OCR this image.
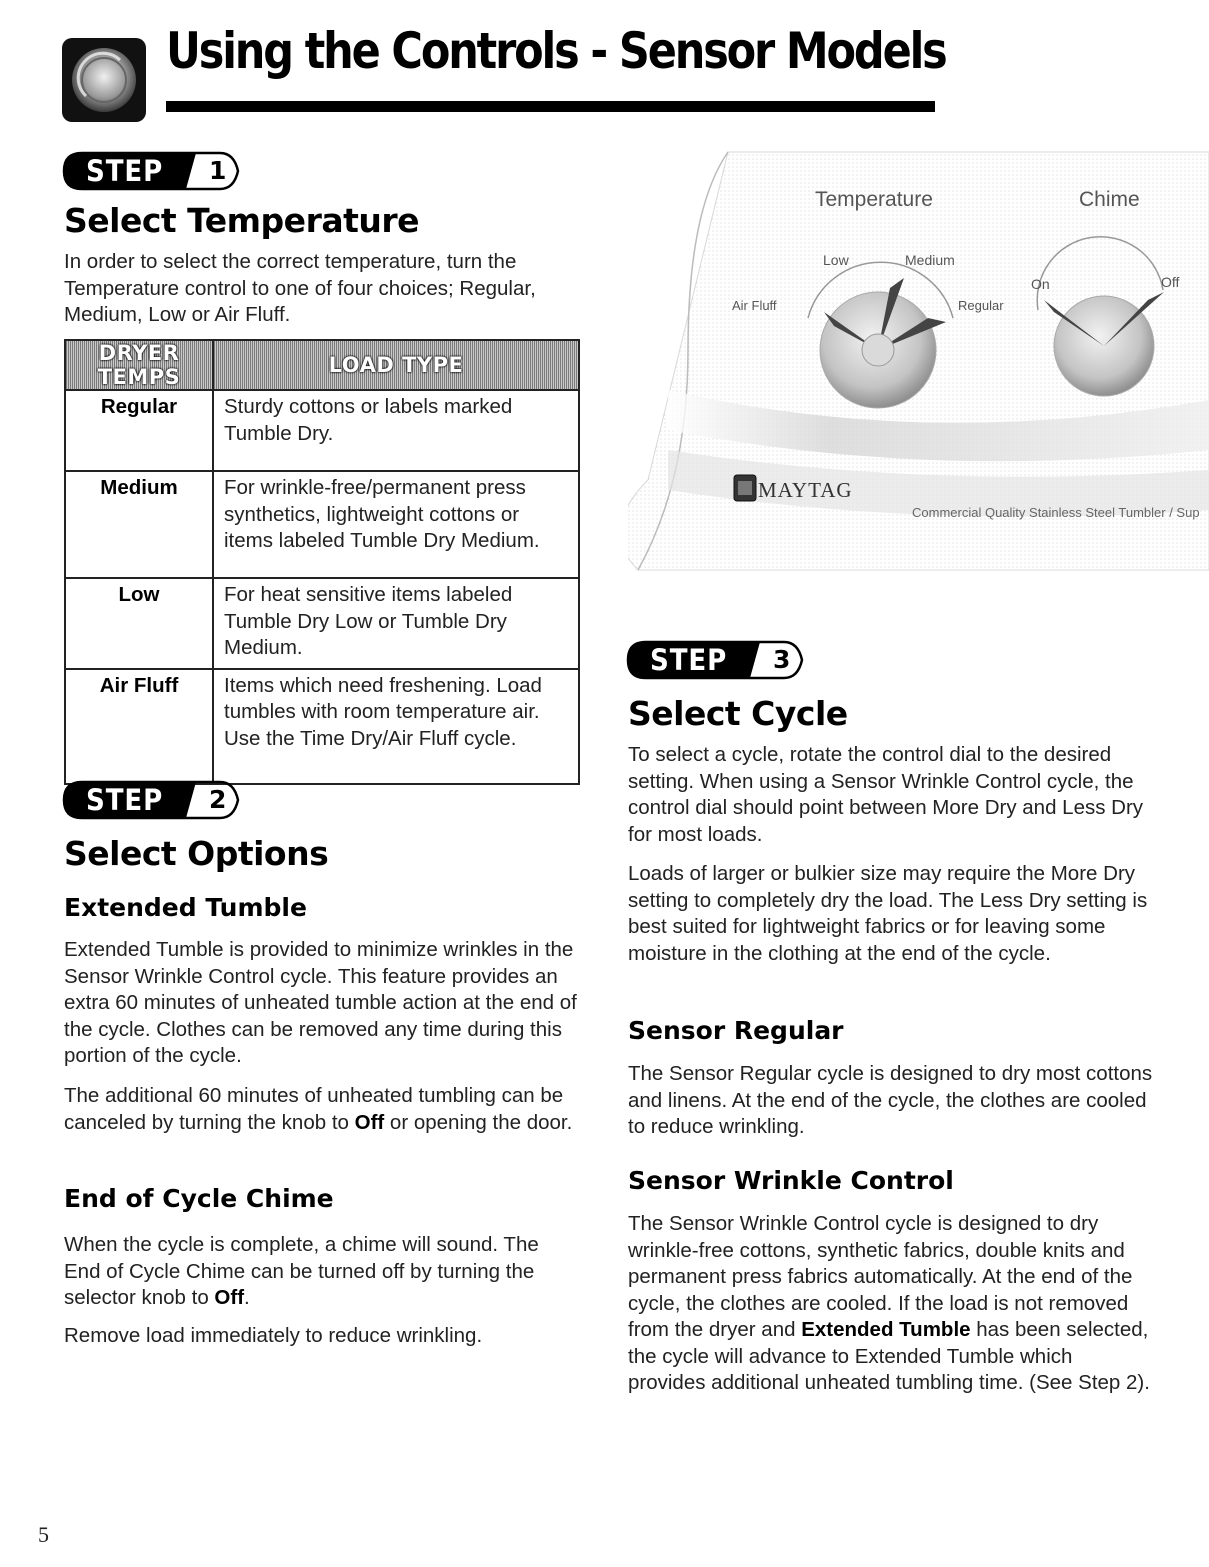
Using the Controls - Sensor Models
STEP 1
Select Temperature

In order to select the correct temperature, turn the Temperature control to one of four choices; Regular, Medium, Low or Air Fluff.

DRYER TEMPS	LOAD TYPE
Regular	Sturdy cottons or labels marked Tumble Dry.
Medium	For wrinkle-free/permanent press synthetics, lightweight cottons or items labeled Tumble Dry Medium.
Low	For heat sensitive items labeled Tumble Dry Low or Tumble Dry Medium.
Air Fluff	Items which need freshening. Load tumbles with room temperature air. Use the Time Dry/Air Fluff cycle.
STEP 2
Select Options
Extended Tumble

Extended Tumble is provided to minimize wrinkles in the Sensor Wrinkle Control cycle. This feature provides an extra 60 minutes of unheated tumble action at the end of the cycle. Clothes can be removed any time during this portion of the cycle.

The additional 60 minutes of unheated tumbling can be canceled by turning the knob to Off or opening the door.

End of Cycle Chime

When the cycle is complete, a chime will sound. The End of Cycle Chime can be turned off by turning the selector knob to Off.

Remove load immediately to reduce wrinkling.

Temperature	Chime
Low	Medium
Air Fluff	Regular
On	Off
MAYTAG
Commercial Quality Stainless Steel Tumbler / Sup
STEP 3
Select Cycle

To select a cycle, rotate the control dial to the desired setting. When using a Sensor Wrinkle Control cycle, the control dial should point between More Dry and Less Dry for most loads.

Loads of larger or bulkier size may require the More Dry setting to completely dry the load. The Less Dry setting is best suited for lightweight fabrics or for leaving some moisture in the clothing at the end of the cycle.

Sensor Regular

The Sensor Regular cycle is designed to dry most cottons and linens. At the end of the cycle, the clothes are cooled to reduce wrinkling.

Sensor Wrinkle Control

The Sensor Wrinkle Control cycle is designed to dry wrinkle-free cottons, synthetic fabrics, double knits and permanent press fabrics automatically. At the end of the cycle, the clothes are cooled. If the load is not removed from the dryer and Extended Tumble has been selected, the cycle will advance to Extended Tumble which provides additional unheated tumbling time. (See Step 2).

5
